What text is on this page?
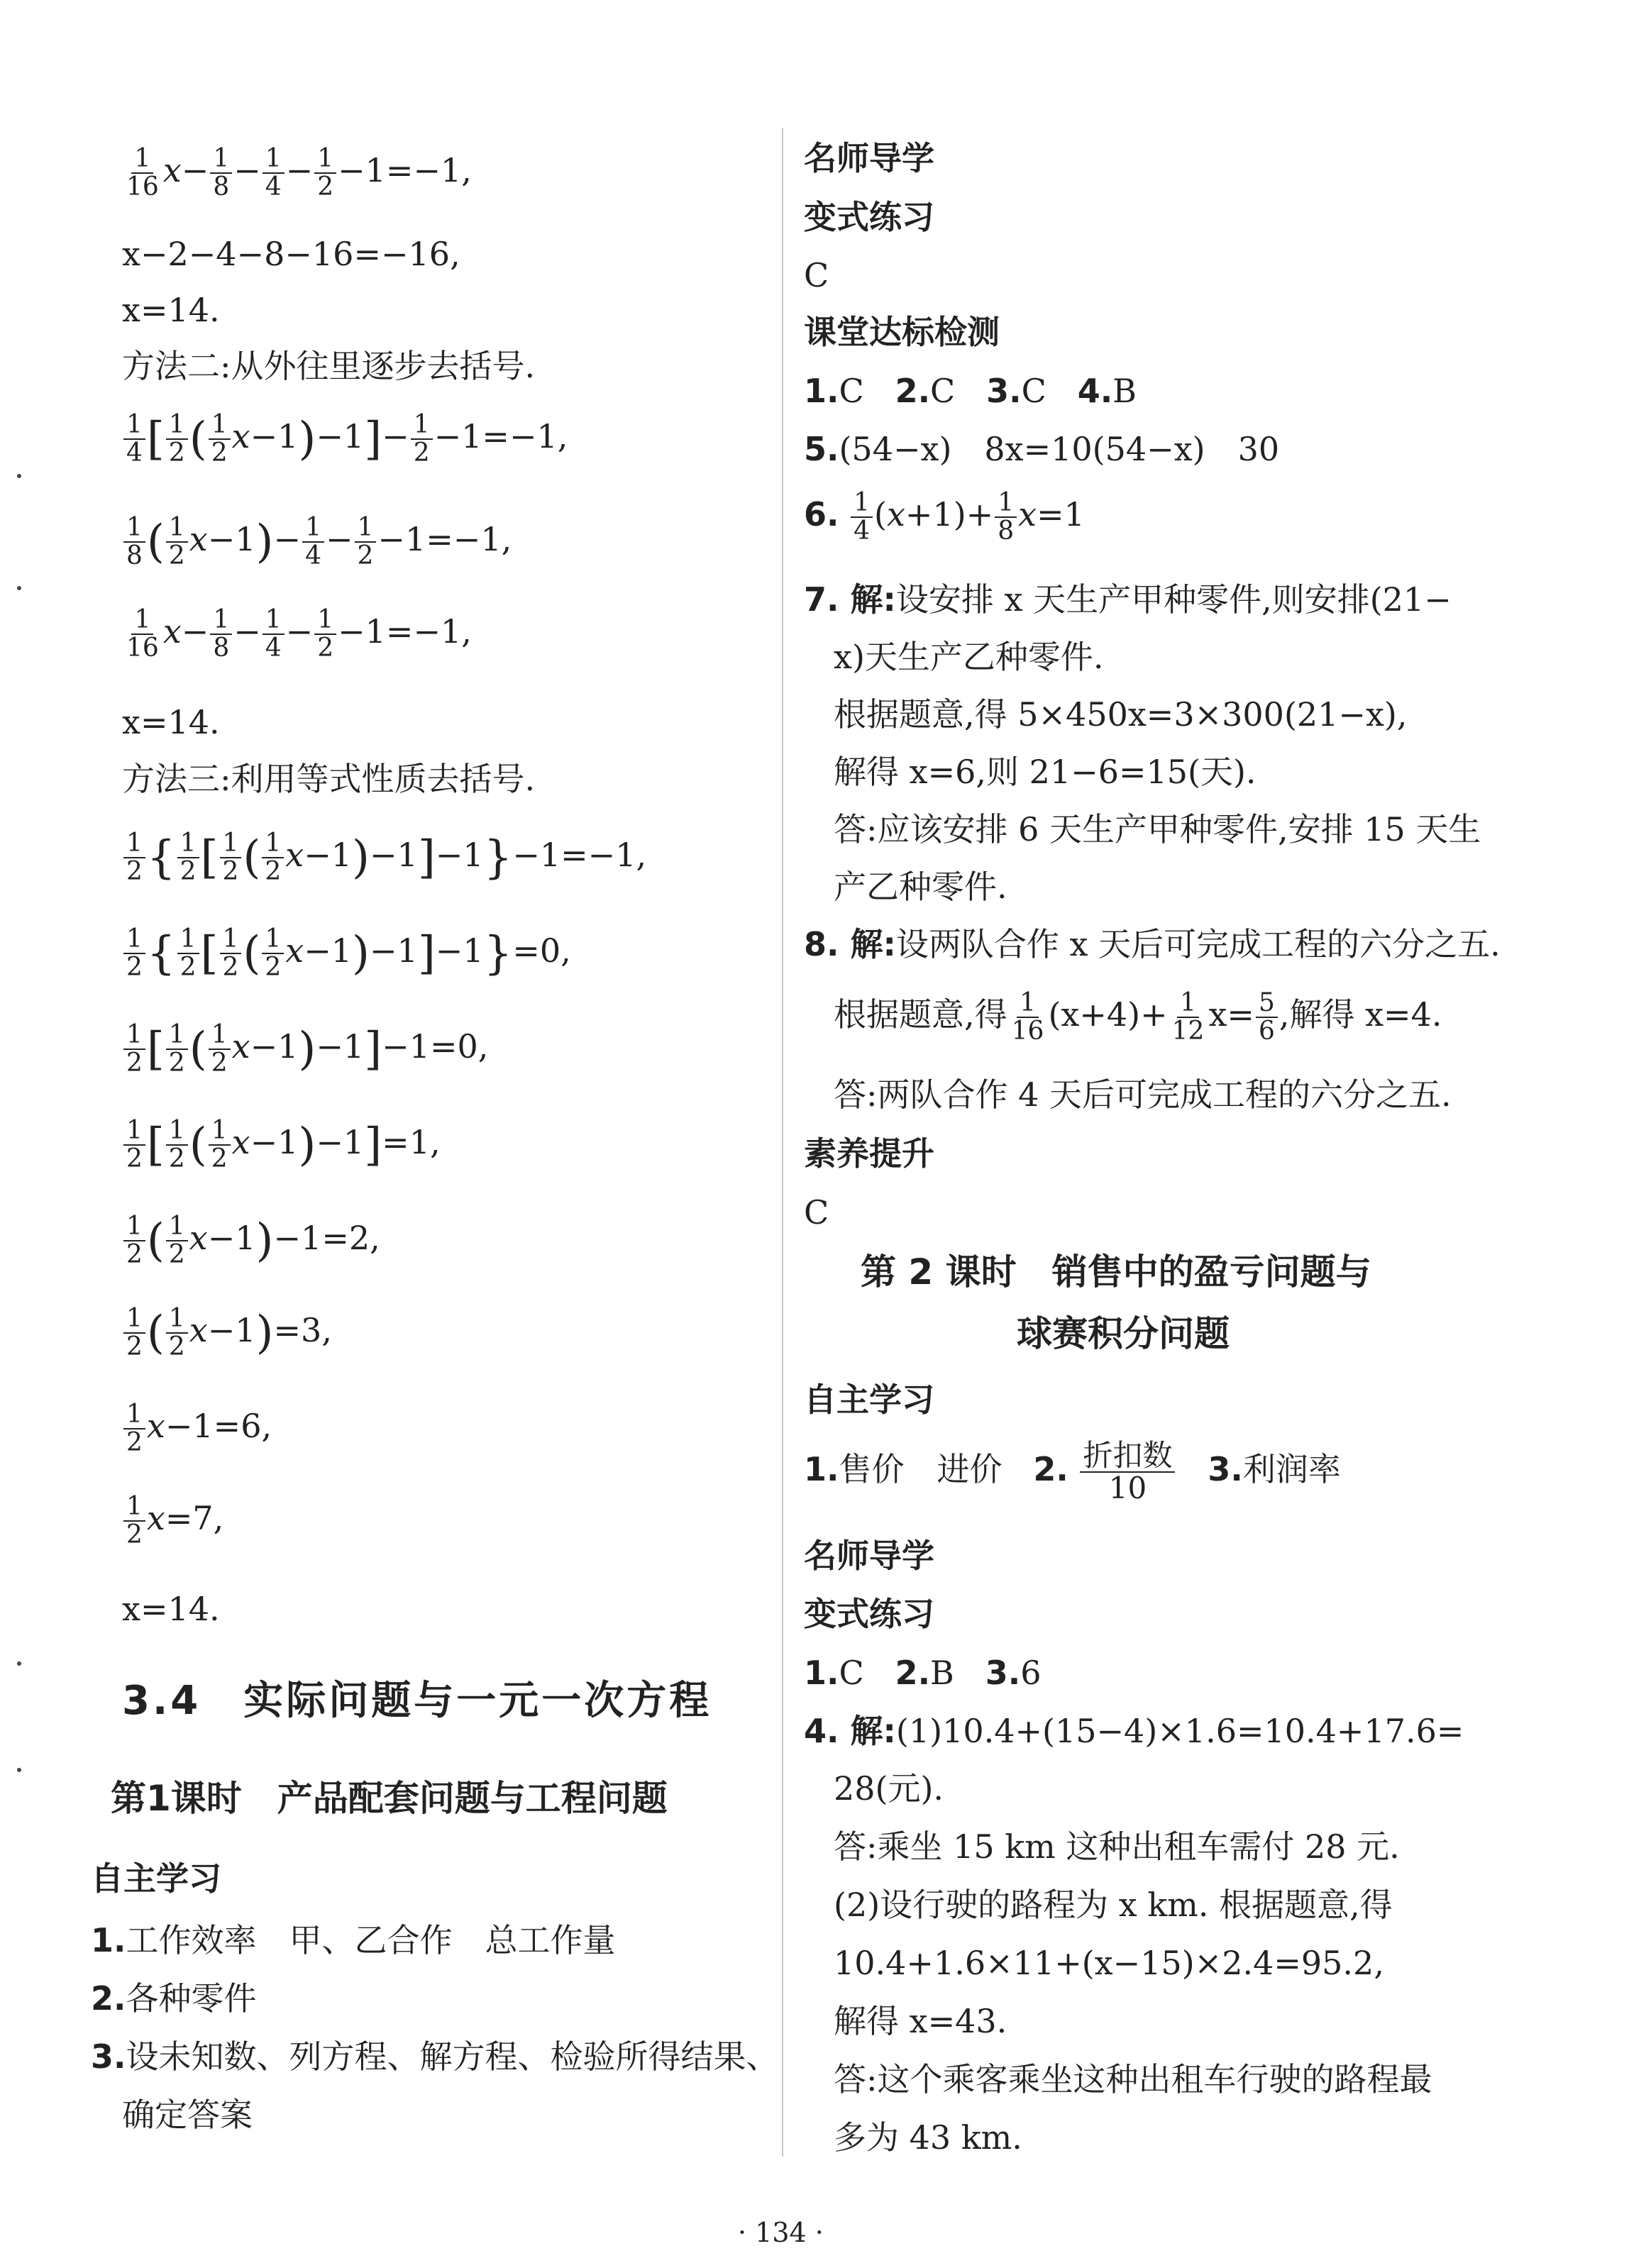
$\frac{1}{16} x- \frac{1}{8} - \frac{1}{4} - \frac{1}{2} -1=-1$,
x−2−4−8−16=−16,
x=14.
方法二:从外往里逐步去括号.
$\frac{1}{4}$ [ $\frac{1}{2}$ ( $\frac{1}{2} x-1)-1]- \frac{1}{2} -1=-1$,
$\frac{1}{8}$ ( $\frac{1}{2} x-1)- \frac{1}{4} - \frac{1}{2} -1=-1$,
$\frac{1}{16} x- \frac{1}{8} - \frac{1}{4} - \frac{1}{2} -1=-1$,
x=14.
方法三:利用等式性质去括号.
$\frac{1}{2}$ { $\frac{1}{2}$ [ $\frac{1}{2}$ ( $\frac{1}{2} x-1)-1]-1\}-1=-1$,
$\frac{1}{2}$ { $\frac{1}{2}$ [ $\frac{1}{2}$ ( $\frac{1}{2} x-1)-1]-1\}=0$,
$\frac{1}{2}$ [ $\frac{1}{2}$ ( $\frac{1}{2} x-1)-1]-1=0$,
$\frac{1}{2}$ [ $\frac{1}{2}$ ( $\frac{1}{2} x-1)-1]=1$,
$\frac{1}{2}$ ( $\frac{1}{2} x-1)-1=2$,
$\frac{1}{2}$ ( $\frac{1}{2} x-1)=3$,
$\frac{1}{2} x-1=6$,
$\frac{1}{2} x=7$,
x=14.
3.4　实际问题与一元一次方程
第1课时　产品配套问题与工程问题
自主学习
1.工作效率　甲、乙合作　总工作量
2.各种零件
3.设未知数、列方程、解方程、检验所得结果、
确定答案
名师导学
变式练习
C
课堂达标检测
1.C 2.C 3.C 4.B
5.(54−x)　8x=10(54−x)　30
6. $\frac{1}{4} (x+1)+ \frac{1}{8} x=1$
7. 解:设安排 x 天生产甲种零件,则安排(21−
x)天生产乙种零件.
根据题意,得 5×450x=3×300(21−x),
解得 x=6,则 21−6=15(天).
答:应该安排 6 天生产甲种零件,安排 15 天生
产乙种零件.
8. 解:设两队合作 x 天后可完成工程的六分之五.
根据题意,得 $\frac{1}{16} (x+4)+ \frac{1}{12} x= \frac{5}{6}$ ,解得 x=4.
答:两队合作 4 天后可完成工程的六分之五.
素养提升
C
第 2 课时　销售中的盈亏问题与
球赛积分问题
自主学习
1.售价　进价 2. $\frac{\text{折扣数}}{10} 3$.利润率
名师导学
变式练习
1.C 2.B 3.6
4. 解:(1)10.4+(15−4)×1.6=10.4+17.6=
28(元).
答:乘坐 15 km 这种出租车需付 28 元.
(2)设行驶的路程为 x km. 根据题意,得
10.4+1.6×11+(x−15)×2.4=95.2,
解得 x=43.
答:这个乘客乘坐这种出租车行驶的路程最
多为 43 km.
· 134 ·
